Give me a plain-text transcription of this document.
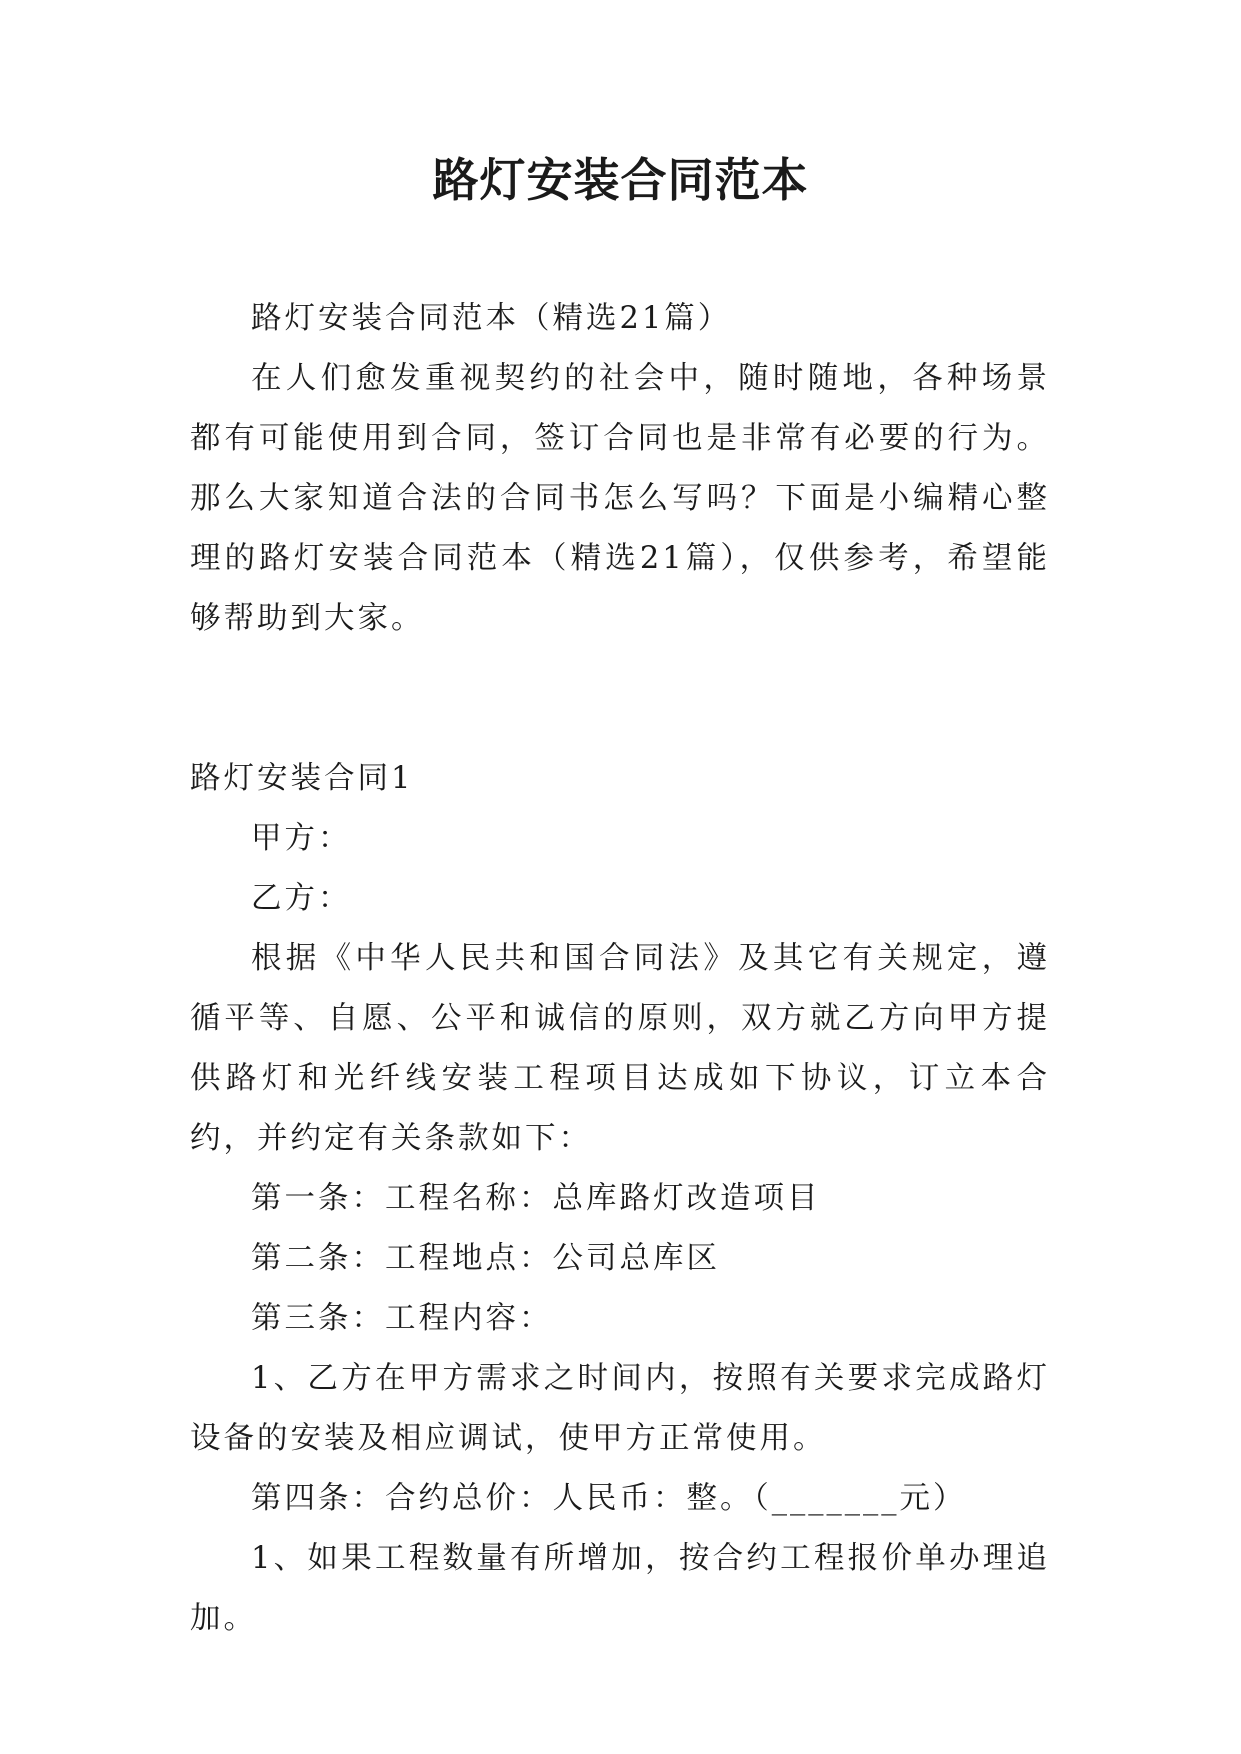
路灯安装合同范本

路灯安装合同范本（精选21篇）

在人们愈发重视契约的社会中，随时随地，各种场景都有可能使用到合同，签订合同也是非常有必要的行为。那么大家知道合法的合同书怎么写吗？下面是小编精心整理的路灯安装合同范本（精选21篇），仅供参考，希望能够帮助到大家。

路灯安装合同1

甲方：

乙方：

根据《中华人民共和国合同法》及其它有关规定，遵循平等、自愿、公平和诚信的原则，双方就乙方向甲方提供路灯和光纤线安装工程项目达成如下协议，订立本合约，并约定有关条款如下：

第一条：工程名称：总库路灯改造项目

第二条：工程地点：公司总库区

第三条：工程内容：

1、乙方在甲方需求之时间内，按照有关要求完成路灯设备的安装及相应调试，使甲方正常使用。

第四条：合约总价：人民币：整。（_______元）

1、如果工程数量有所增加，按合约工程报价单办理追加。
